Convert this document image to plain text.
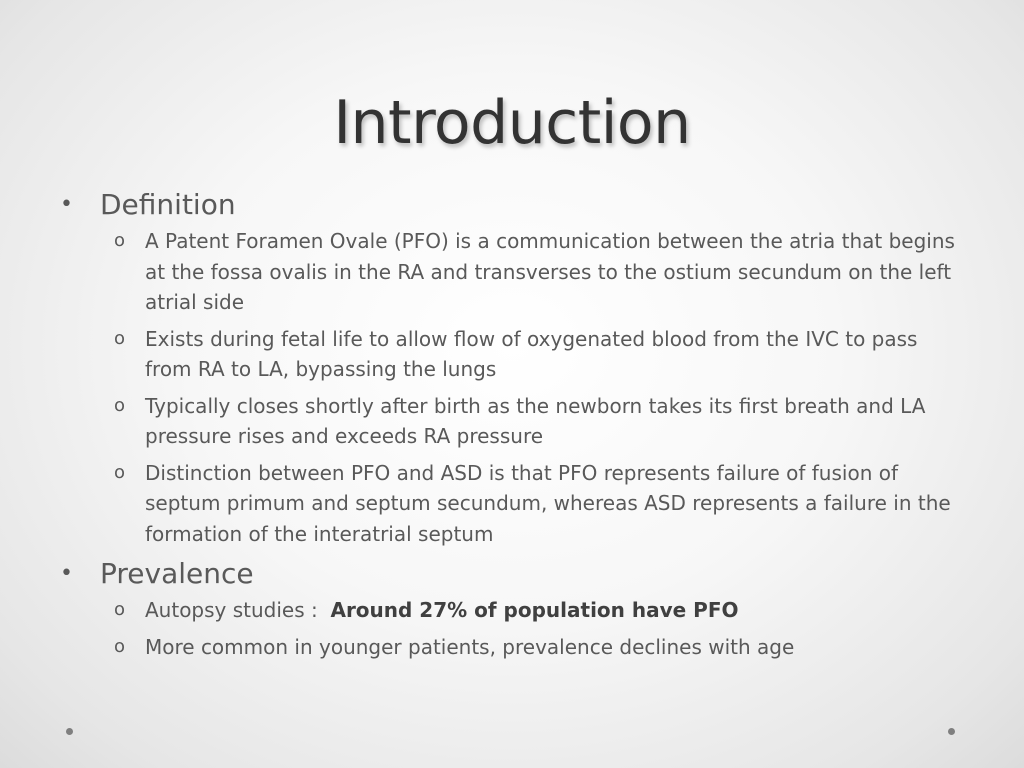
Introduction
• Definition
o A Patent Foramen Ovale (PFO) is a communication between the atria that begins at the fossa ovalis in the RA and transverses to the ostium secundum on the left atrial side
o Exists during fetal life to allow flow of oxygenated blood from the IVC to pass from RA to LA, bypassing the lungs
o Typically closes shortly after birth as the newborn takes its first breath and LA pressure rises and exceeds RA pressure
o Distinction between PFO and ASD is that PFO represents failure of fusion of septum primum and septum secundum, whereas ASD represents a failure in the formation of the interatrial septum
• Prevalence
o Autopsy studies :  Around 27% of population have PFO
o More common in younger patients, prevalence declines with age
